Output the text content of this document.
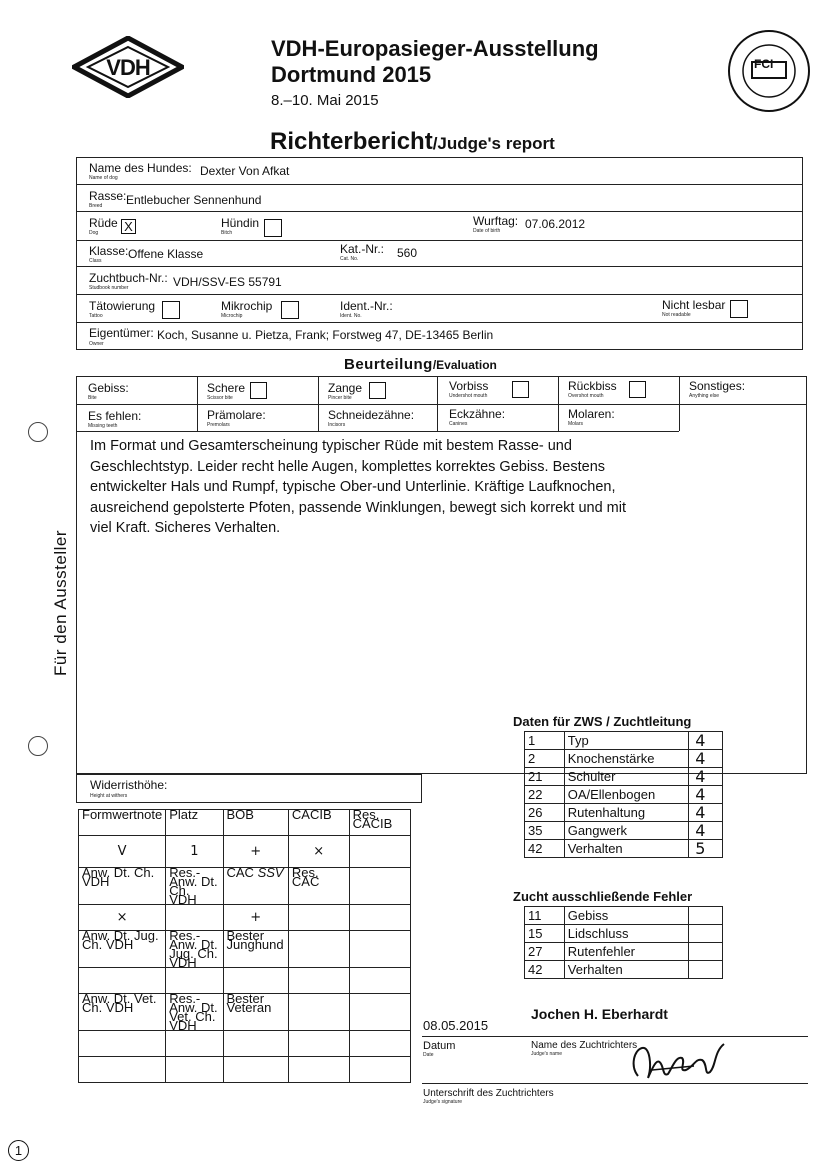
VDH
VDH-Europasieger-Ausstellung
Dortmund 2015
8.–10. Mai 2015
FCI
Richterbericht/Judge's report
Name des Hundes:
Name of dog	Dexter Von Afkat
Rasse:
Breed Entlebucher Sennenhund
Rüde
Dog X	Hündin
Bitch
Wurftag:
Date of birth 07.06.2012
Klasse:
Class Offene Klasse	Kat.-Nr.:
Cat. No.	560
Zuchtbuch-Nr.:
Studbook number	VDH/SSV-ES 55791
Tätowierung
Tattoo
Mikrochip
Microchip
Ident.-Nr.:
Ident. No.
Nicht lesbar
Not readable
Eigentümer:
Owner
Koch, Susanne u. Pietza, Frank; Forstweg 47, DE-13465 Berlin
Beurteilung/Evaluation
Gebiss:
Bite
Schere
Scissor bite
Zange
Pincer bite
Vorbiss
Undershot mouth
Rückbiss
Overshot mouth
Sonstiges:
Anything else
Es fehlen:
Missing teeth
Prämolare:
Premolars
Schneidezähne:
Incisors
Eckzähne:
Canines
Molaren:
Molars
Im Format und Gesamterscheinung typischer Rüde mit bestem Rasse- und
Geschlechtstyp. Leider recht helle Augen, komplettes korrektes Gebiss. Bestens
entwickelter Hals und Rumpf, typische Ober-und Unterlinie. Kräftige Laufknochen,
ausreichend gepolsterte Pfoten, passende Winklungen, bewegt sich korrekt und mit
viel Kraft. Sicheres Verhalten.
Für den Aussteller
Widerristhöhe:
Height at withers
Daten für ZWS / Zuchtleitung
1	Typ	4
2	Knochenstärke	4
21	Schulter	4
22	OA/Ellenbogen	4
26	Rutenhaltung	4
35	Gangwerk	4
42	Verhalten	5
Zucht ausschließende Fehler
11	Gebiss	
15	Lidschluss	
27	Rutenfehler	
42	Verhalten	
Formwertnote	Platz	BOB	CACIB	Res. CACIB
V	1	+	×	
Anw. Dt. Ch. VDH	Res.-Anw. Dt. Ch. VDH	CAC SSV	Res. CAC	
×		+		
Anw. Dt. Jug. Ch. VDH	Res.-Anw. Dt. Jug. Ch. VDH	Bester Junghund		

Anw. Dt. Vet. Ch. VDH	Res.-Anw. Dt. Vet. Ch. VDH	Bester Veteran		

					Jochen H. Eberhardt
08.05.2015
Datum
Date
Name des Zuchtrichters
Judge's name
Unterschrift des Zuchtrichters
Judge's signature
1
